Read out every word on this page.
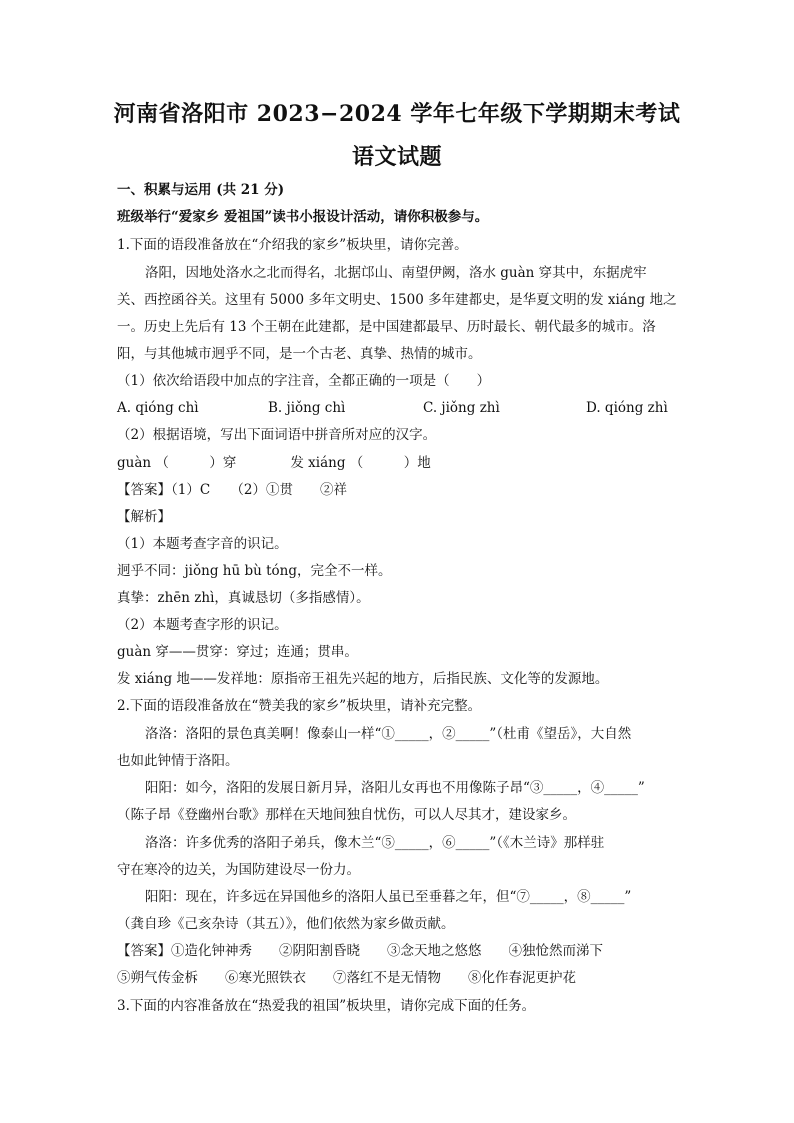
河南省洛阳市 2023−2024 学年七年级下学期期末考试
语文试题
一、积累与运用 (共 21 分)
班级举行“爱家乡 爱祖国”读书小报设计活动，请你积极参与。
1.下面的语段准备放在“介绍我的家乡”板块里，请你完善。
洛阳，因地处洛水之北而得名，北据邙山、南望伊阙，洛水 guàn 穿其中，东据虎牢
关、西控函谷关。这里有 5000 多年文明史、1500 多年建都史，是华夏文明的发 xiáng 地之
一。历史上先后有 13 个王朝在此建都，是中国建都最早、历时最长、朝代最多的城市。洛
阳，与其他城市迥乎不同，是一个古老、真挚、热情的城市。
（1）依次给语段中加点的字注音，全都正确的一项是（　　）
A. qióng chì	B. jiǒng chì	C. jiǒng zhì	D. qióng zhì
（2）根据语境，写出下面词语中拼音所对应的汉字。
guàn （　　　）穿　　　　发 xiáng （　　　）地
【答案】（1）C　　（2）①贯　　②祥
【解析】
（1）本题考查字音的识记。
迥乎不同：jiǒng hū bù tóng，完全不一样。
真挚：zhēn zhì，真诚恳切（多指感情）。
（2）本题考查字形的识记。
guàn 穿——贯穿：穿过；连通；贯串。
发 xiáng 地——发祥地：原指帝王祖先兴起的地方，后指民族、文化等的发源地。
2.下面的语段准备放在“赞美我的家乡”板块里，请补充完整。
洛洛：洛阳的景色真美啊！像泰山一样“①_____，②_____”（杜甫《望岳》，大自然
也如此钟情于洛阳。
阳阳：如今，洛阳的发展日新月异，洛阳儿女再也不用像陈子昂“③_____，④_____”
（陈子昂《登幽州台歌》那样在天地间独自忧伤，可以人尽其才，建设家乡。
洛洛：许多优秀的洛阳子弟兵，像木兰“⑤_____，⑥_____”（《木兰诗》那样驻
守在寒冷的边关，为国防建设尽一份力。
阳阳：现在，许多远在异国他乡的洛阳人虽已至垂暮之年，但“⑦_____，⑧_____”
（龚自珍《己亥杂诗（其五）》，他们依然为家乡做贡献。
【答案】①造化钟神秀　　②阴阳割昏晓　　③念天地之悠悠　　④独怆然而涕下
⑤朔气传金柝　　⑥寒光照铁衣　　⑦落红不是无情物　　⑧化作春泥更护花
3.下面的内容准备放在“热爱我的祖国”板块里，请你完成下面的任务。
